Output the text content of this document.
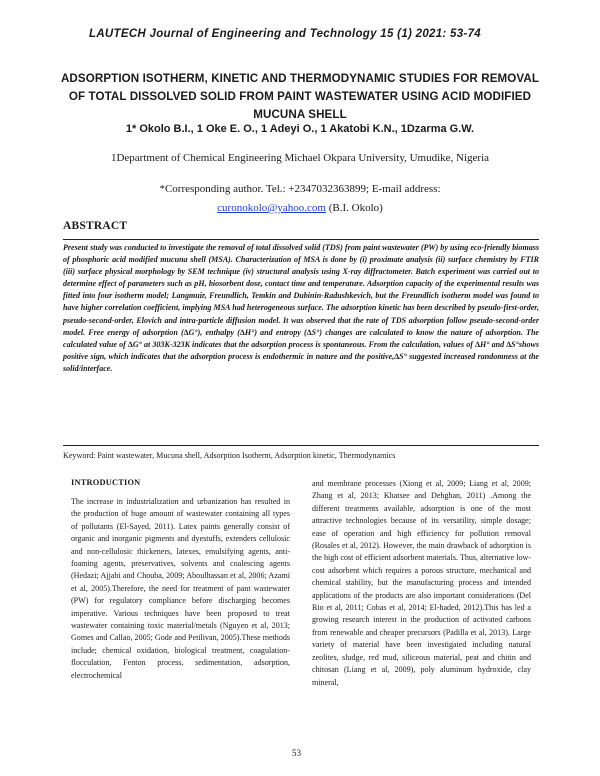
LAUTECH Journal of Engineering and Technology 15 (1) 2021: 53-74
ADSORPTION ISOTHERM, KINETIC AND THERMODYNAMIC STUDIES FOR REMOVAL OF TOTAL DISSOLVED SOLID FROM PAINT WASTEWATER USING ACID MODIFIED MUCUNA SHELL
1* Okolo B.I., 1 Oke E. O., 1 Adeyi O., 1 Akatobi K.N., 1Dzarma G.W.
1Department of Chemical Engineering Michael Okpara University, Umudike, Nigeria
*Corresponding author. Tel.: +2347032363899; E-mail address: curonokolo@yahoo.com (B.I. Okolo)
ABSTRACT
Present study was conducted to investigate the removal of total dissolved solid (TDS) from paint wastewater (PW) by using eco-friendly biomass of phosphoric acid modified mucuna shell (MSA). Characterization of MSA is done by (i) proximate analysis (ii) surface chemistry by FTIR (iii) surface physical morphology by SEM technique (iv) structural analysis using X-ray diffractometer. Batch experiment was carried out to determine effect of parameters such as pH, biosorbent dose, contact time and temperature. Adsorption capacity of the experimental results was fitted into four isotherm model; Langmuir, Freundlich, Temkin and Dubinin-Radushkevich, but the Freundlich isotherm model was found to have higher correlation coefficient, implying MSA had heterogeneous surface. The adsorption kinetic has been described by pseudo-first-order, pseudo-second-order, Elovich and intra-particle diffusion model. It was observed that the rate of TDS adsorption follow pseudo-second-order model. Free energy of adsorption (∆G°), enthalpy (∆H°) and entropy (∆S°) changes are calculated to know the nature of adsorption. The calculated value of ∆G° at 303K-323K indicates that the adsorption process is spontaneous. From the calculation, values of ∆H° and ∆S°shows positive sign, which indicates that the adsorption process is endothermic in nature and the positive,∆S° suggested increased randomness at the solid/interface.
Keyword: Paint wastewater, Mucuna shell, Adsorption Isotherm, Adsorption kinetic, Thermodynamics
INTRODUCTION
The increase in industrialization and urbanization has resulted in the production of huge amount of wastewater containing all types of pollutants (El-Sayed, 2011). Latex paints generally consist of organic and inorganic pigments and dyestuffs, extenders cellulosic and non-cellulosic thickeners, latexes, emulsifying agents, anti-foaming agents, preservatives, solvents and coalescing agents (Hedazi; Ajjabi and Chouba, 2009; Aboulhassan et al, 2006; Azami et al, 2005).Therefore, the need for treatment of pant wastewater (PW) for regulatory compliance before discharging becomes imperative. Various techniques have been proposed to treat wastewater containing toxic material/metals (Nguyen et al, 2013; Gomes and Callao, 2005; Gode and Petilivan, 2005).These methods include; chemical oxidation, biological treatment, coagulation-flocculation, Fenton process, sedimentation, adsorption, electrochemical
and membrane processes (Xiong et al, 2009; Liang et al, 2009; Zhang et al, 2013; Khatsee and Dehghan, 2011) .Among the different treatments available, adsorption is one of the most attractive technologies because of its versatility, simple dosage; ease of operation and high efficiency for pollution removal (Rosales et al, 2012). However, the main drawback of adsorption is the high cost of efficient adsorbent materials. Thus, alternative low-cost adsorbent which requires a porous structure, mechanical and chemical stability, but the manufacturing process and intended applications of the products are also important considerations (Del Rio et al, 2011; Cobas et al, 2014; El-haded, 2012).This has led a growing research interest in the production of activated carbons from renewable and cheaper precursors (Padilla et al, 2013). Large variety of material have been investigated including natural zeolites, sludge, red mud, siliceous material, peat and chitin and chitosan (Liang et al, 2009), poly aluminum hydroxide, clay mineral,
53
